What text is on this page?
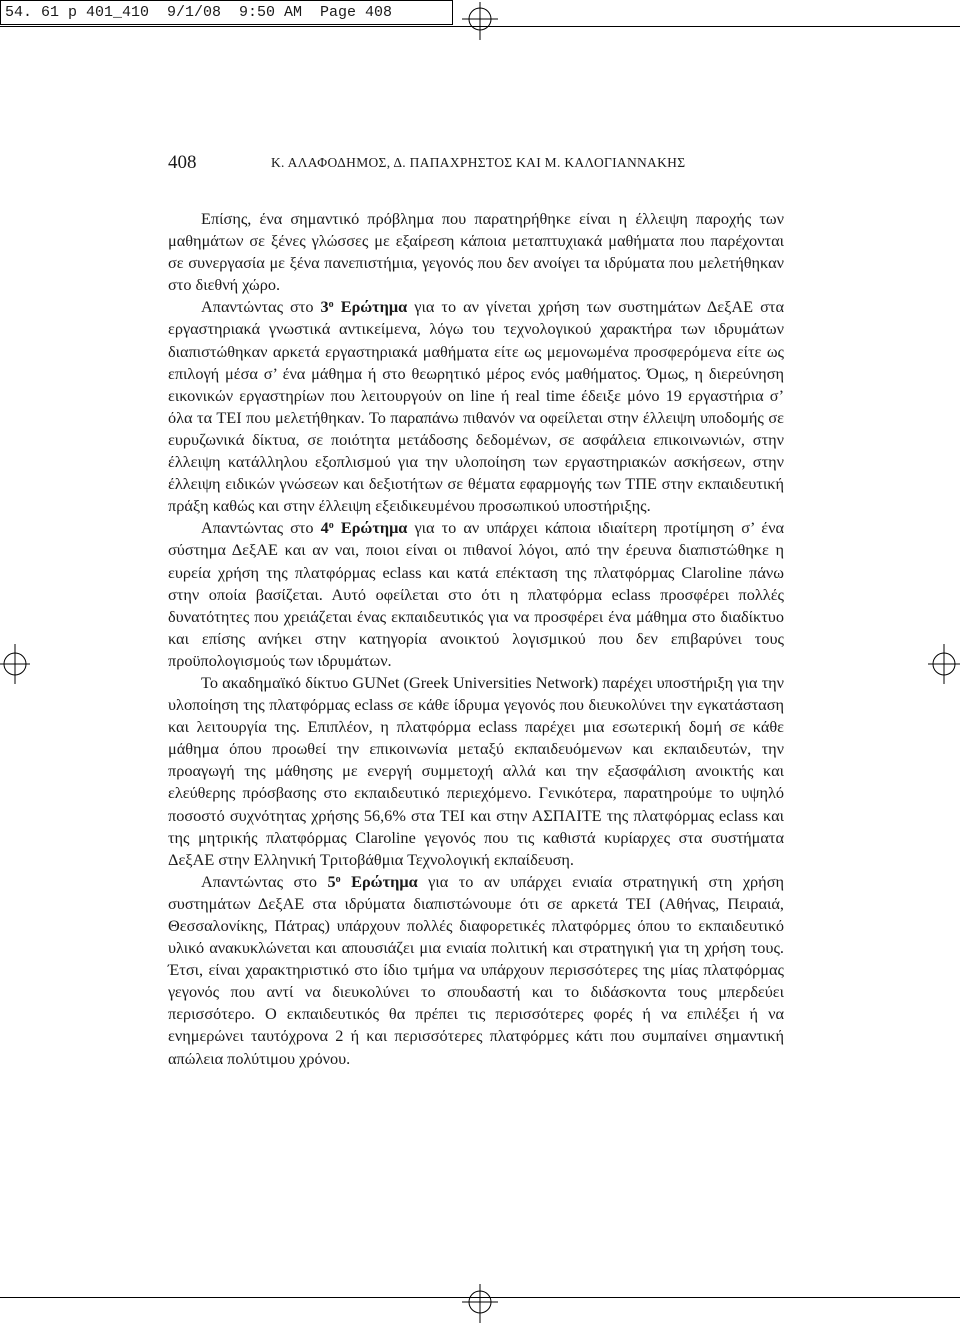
54. 61 p 401_410  9/1/08  9:50 AM  Page 408
408	Κ. ΑΛΑΦΟΔΗΜΟΣ, Δ. ΠΑΠΑΧΡΗΣΤΟΣ ΚΑΙ Μ. ΚΑΛΟΓΙΑΝΝΑΚΗΣ

Επίσης, ένα σημαντικό πρόβλημα που παρατηρήθηκε είναι η έλλειψη παροχής των μαθημάτων σε ξένες γλώσσες με εξαίρεση κάποια μεταπτυχιακά μαθήματα που παρέχονται σε συνεργασία με ξένα πανεπιστήμια, γεγονός που δεν ανοίγει τα ιδρύματα που μελετήθηκαν στο διεθνή χώρο.

Απαντώντας στο $3^o$ Ερώτημα για το αν γίνεται χρήση των συστημάτων ΔεξΑΕ στα εργαστηριακά γνωστικά αντικείμενα, λόγω του τεχνολογικού χαρακτήρα των ιδρυμάτων διαπιστώθηκαν αρκετά εργαστηριακά μαθήματα είτε ως μεμονωμένα προσφερόμενα είτε ως επιλογή μέσα σ’ ένα μάθημα ή στο θεωρητικό μέρος ενός μαθήματος. Όμως, η διερεύνηση εικονικών εργαστηρίων που λειτουργούν on line ή real time έδειξε μόνο 19 εργαστήρια σ’ όλα τα ΤΕΙ που μελετήθηκαν. Το παραπάνω πιθανόν να οφείλεται στην έλλειψη υποδομής σε ευρυζωνικά δίκτυα, σε ποιότητα μετάδοσης δεδομένων, σε ασφάλεια επικοινωνιών, στην έλλειψη κατάλληλου εξοπλισμού για την υλοποίηση των εργαστηριακών ασκήσεων, στην έλλειψη ειδικών γνώσεων και δεξιοτήτων σε θέματα εφαρμογής των ΤΠΕ στην εκπαιδευτική πράξη καθώς και στην έλλειψη εξειδικευμένου προσωπικού υποστήριξης.

Απαντώντας στο $4^o$ Ερώτημα για το αν υπάρχει κάποια ιδιαίτερη προτίμηση σ’ ένα σύστημα ΔεξΑΕ και αν ναι, ποιοι είναι οι πιθανοί λόγοι, από την έρευνα διαπιστώθηκε η ευρεία χρήση της πλατφόρμας eclass και κατά επέκταση της πλατφόρμας Claroline πάνω στην οποία βασίζεται. Αυτό οφείλεται στο ότι η πλατφόρμα eclass προσφέρει πολλές δυνατότητες που χρειάζεται ένας εκπαιδευτικός για να προσφέρει ένα μάθημα στο διαδίκτυο και επίσης ανήκει στην κατηγορία ανοικτού λογισμικού που δεν επιβαρύνει τους προϋπολογισμούς των ιδρυμάτων.

Το ακαδημαϊκό δίκτυο GUNet (Greek Universities Network) παρέχει υποστήριξη για την υλοποίηση της πλατφόρμας eclass σε κάθε ίδρυμα γεγονός που διευκολύνει την εγκατάσταση και λειτουργία της. Επιπλέον, η πλατφόρμα eclass παρέχει μια εσωτερική δομή σε κάθε μάθημα όπου προωθεί την επικοινωνία μεταξύ εκπαιδευόμενων και εκπαιδευτών, την προαγωγή της μάθησης με ενεργή συμμετοχή αλλά και την εξασφάλιση ανοικτής και ελεύθερης πρόσβασης στο εκπαιδευτικό περιεχόμενο. Γενικότερα, παρατηρούμε το υψηλό ποσοστό συχνότητας χρήσης 56,6% στα ΤΕΙ και στην ΑΣΠΑΙΤΕ της πλατφόρμας eclass και της μητρικής πλατφόρμας Claroline γεγονός που τις καθιστά κυρίαρχες στα συστήματα ΔεξΑΕ στην Ελληνική Τριτοβάθμια Τεχνολογική εκπαίδευση.

Απαντώντας στο $5^o$ Ερώτημα για το αν υπάρχει ενιαία στρατηγική στη χρήση συστημάτων ΔεξΑΕ στα ιδρύματα διαπιστώνουμε ότι σε αρκετά ΤΕΙ (Αθήνας, Πειραιά, Θεσσαλονίκης, Πάτρας) υπάρχουν πολλές διαφορετικές πλατφόρμες όπου το εκπαιδευτικό υλικό ανακυκλώνεται και απουσιάζει μια ενιαία πολιτική και στρατηγική για τη χρήση τους. Έτσι, είναι χαρακτηριστικό στο ίδιο τμήμα να υπάρχουν περισσότερες της μίας πλατφόρμας γεγονός που αντί να διευκολύνει το σπουδαστή και το διδάσκοντα τους μπερδεύει περισσότερο. Ο εκπαιδευτικός θα πρέπει τις περισσότερες φορές ή να επιλέξει ή να ενημερώνει ταυτόχρονα 2 ή και περισσότερες πλατφόρμες κάτι που συμπαίνει σημαντική απώλεια πολύτιμου χρόνου.
